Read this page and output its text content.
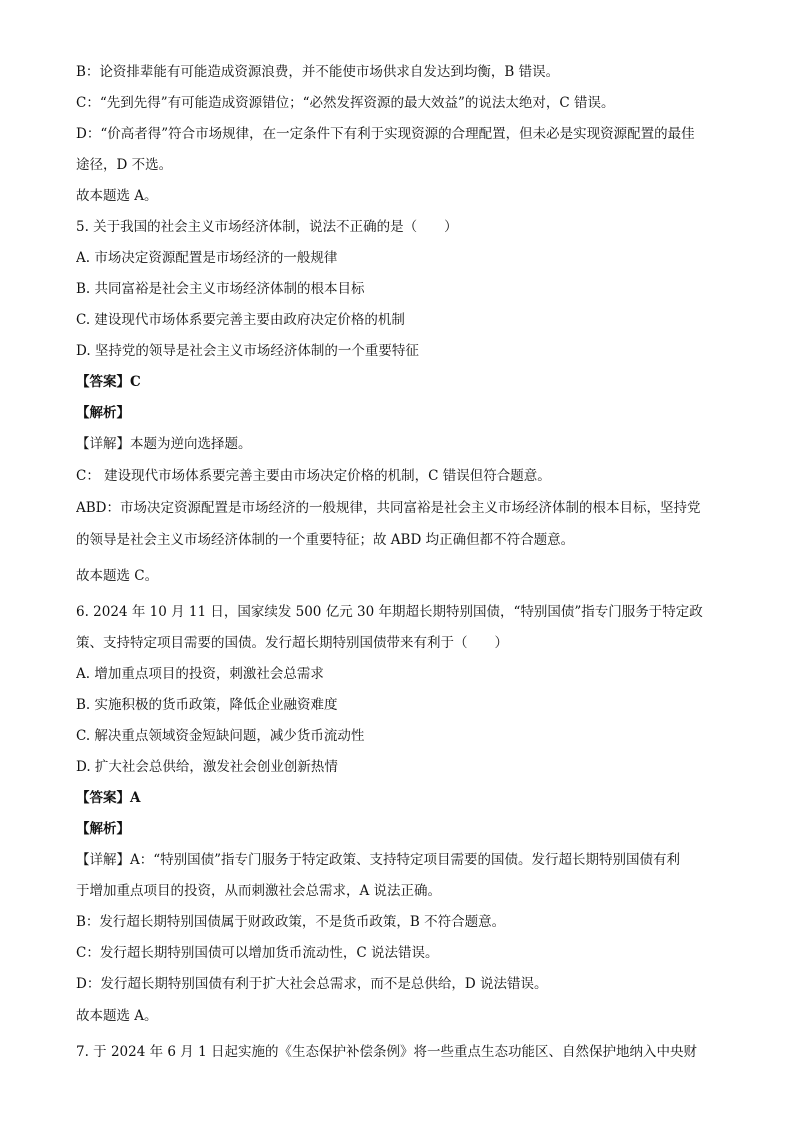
B：论资排辈能有可能造成资源浪费，并不能使市场供求自发达到均衡，B 错误。
C：“先到先得”有可能造成资源错位；“必然发挥资源的最大效益”的说法太绝对，C 错误。
D：“价高者得”符合市场规律，在一定条件下有利于实现资源的合理配置，但未必是实现资源配置的最佳
途径，D 不选。
故本题选 A。
5. 关于我国的社会主义市场经济体制，说法不正确的是（　　）
A. 市场决定资源配置是市场经济的一般规律
B. 共同富裕是社会主义市场经济体制的根本目标
C. 建设现代市场体系要完善主要由政府决定价格的机制
D. 坚持党的领导是社会主义市场经济体制的一个重要特征
【答案】C
【解析】
【详解】本题为逆向选择题。
C： 建设现代市场体系要完善主要由市场决定价格的机制，C 错误但符合题意。
ABD：市场决定资源配置是市场经济的一般规律，共同富裕是社会主义市场经济体制的根本目标，坚持党
的领导是社会主义市场经济体制的一个重要特征；故 ABD 均正确但都不符合题意。
故本题选 C。
6. 2024 年 10 月 11 日，国家续发 500 亿元 30 年期超长期特别国债，“特别国债”指专门服务于特定政
策、支持特定项目需要的国债。发行超长期特别国债带来有利于（　　）
A. 增加重点项目的投资，刺激社会总需求
B. 实施积极的货币政策，降低企业融资难度
C. 解决重点领域资金短缺问题，减少货币流动性
D. 扩大社会总供给，激发社会创业创新热情
【答案】A
【解析】
【详解】A：“特别国债”指专门服务于特定政策、支持特定项目需要的国债。发行超长期特别国债有利
于增加重点项目的投资，从而刺激社会总需求，A 说法正确。
B：发行超长期特别国债属于财政政策，不是货币政策，B 不符合题意。
C：发行超长期特别国债可以增加货币流动性，C 说法错误。
D：发行超长期特别国债有利于扩大社会总需求，而不是总供给，D 说法错误。
故本题选 A。
7. 于 2024 年 6 月 1 日起实施的《生态保护补偿条例》将一些重点生态功能区、自然保护地纳入中央财
